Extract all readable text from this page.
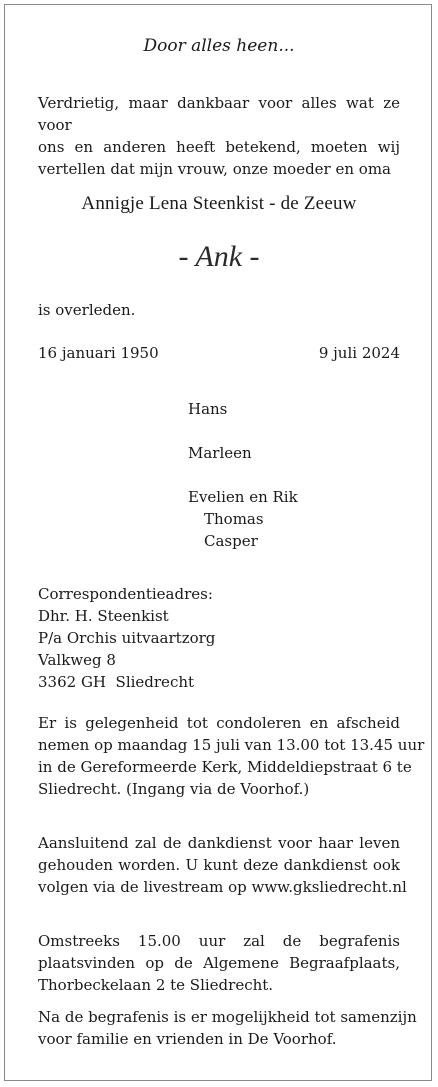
Door alles heen...
Verdrietig, maar dankbaar voor alles wat ze voor
ons en anderen heeft betekend, moeten wij
vertellen dat mijn vrouw, onze moeder en oma
Annigje Lena Steenkist - de Zeeuw
- Ank -
is overleden.
16 januari 1950	9 juli 2024
Hans
Marleen
Evelien en Rik
Thomas
Casper
Correspondentieadres:
Dhr. H. Steenkist
P/a Orchis uitvaartzorg
Valkweg 8
3362 GH  Sliedrecht
Er is gelegenheid tot condoleren en afscheid
nemen op maandag 15 juli van 13.00 tot 13.45 uur
in de Gereformeerde Kerk, Middeldiepstraat 6 te
Sliedrecht. (Ingang via de Voorhof.)
Aansluitend zal de dankdienst voor haar leven
gehouden worden. U kunt deze dankdienst ook
volgen via de livestream op www.gksliedrecht.nl
Omstreeks 15.00 uur zal de begrafenis
plaatsvinden op de Algemene Begraafplaats,
Thorbeckelaan 2 te Sliedrecht.
Na de begrafenis is er mogelijkheid tot samenzijn
voor familie en vrienden in De Voorhof.
